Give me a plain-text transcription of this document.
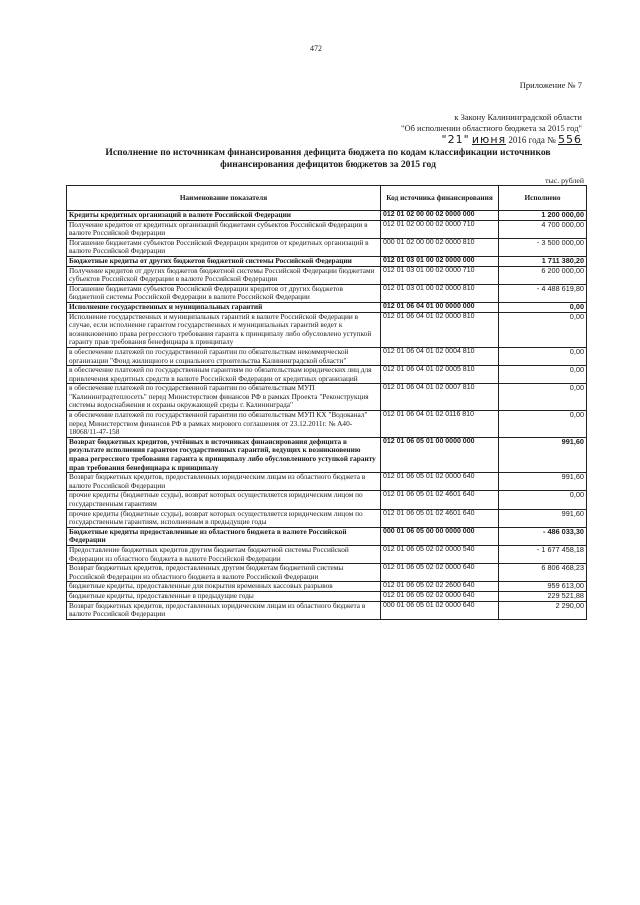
472
Приложение № 7
к Закону Калининградской области
"Об исполнении областного бюджета за 2015 год"
"21" июня 2016 года № 556
Исполнение по источникам финансирования дефицита бюджета по кодам классификации источников финансирования дефицитов бюджетов за 2015 год
тыс. рублей
Наименование показателя	Код источника финансирования	Исполнено
Кредиты кредитных организаций в валюте Российской Федерации	012 01 02 00 00 02 0000 000	1 200 000,00
Получение кредитов от кредитных организаций бюджетами субъектов Российской Федерации в валюте Российской Федерации	012 01 02 00 00 02 0000 710	4 700 000,00
Погашение бюджетами субъектов Российской Федерации кредитов от кредитных организаций в валюте Российской Федерации	000 01 02 00 00 02 0000 810	- 3 500 000,00
Бюджетные кредиты от других бюджетов бюджетной системы Российской Федерации	012 01 03 01 00 02 0000 000	1 711 380,20
Получение кредитов от других бюджетов бюджетной системы Российской Федерации бюджетами субъектов Российской Федерации в валюте Российской Федерации	012 01 03 01 00 02 0000 710	6 200 000,00
Погашение бюджетами субъектов Российской Федерации кредитов от других бюджетов бюджетной системы Российской Федерации в валюте Российской Федерации	012 01 03 01 00 02 0000 810	- 4 488 619,80
Исполнение государственных и муниципальных гарантий	012 01 06 04 01 00 0000 000	0,00
Исполнение государственных и муниципальных гарантий в валюте Российской Федерации в случае, если исполнение гарантом государственных и муниципальных гарантий ведет к возникновению права регрессного требования гаранта к принципалу либо обусловлено уступкой гаранту прав требования бенефициара к принципалу	012 01 06 04 01 02 0000 810	0,00
в обеспечение платежей по государственной гарантии по обязательствам некоммерческой организации "Фонд жилищного и социального строительства Калининградской области"	012 01 06 04 01 02 0004 810	0,00
в обеспечение платежей по государственным гарантиям по обязательствам юридических лиц для привлечения кредитных средств в валюте Российской Федерации от кредитных организаций	012 01 06 04 01 02 0005 810	0,00
в обеспечение платежей по государственной гарантии по обязательствам МУП "Калининградтеплосеть" перед Министерством финансов РФ в рамках Проекта "Реконструкция системы водоснабжения и охраны окружающей среды г. Калининграда"	012 01 06 04 01 02 0007 810	0,00
в обеспечение платежей по государственной гарантии по обязательствам МУП КХ "Водоканал" перед Министерством финансов РФ в рамках мирового соглашения от 23.12.2011г. № А40-18068/11-47-158	012 01 06 04 01 02 0116 810	0,00
Возврат бюджетных кредитов, учтённых в источниках финансирования дефицита в результате исполнения гарантом государственных гарантий, ведущих к возникновению права регрессного требования гаранта к принципалу либо обусловленного уступкой гаранту прав требования бенефициара к принципалу	012 01 06 05 01 00 0000 000	991,60
Возврат бюджетных кредитов, предоставленных юридическим лицам из областного бюджета в валюте Российской Федерации	012 01 06 05 01 02 0000 640	991,60
прочие кредиты (бюджетные ссуды), возврат которых осуществляется юридическим лицом по государственным гарантиям	012 01 06 05 01 02 4601 640	0,00
прочие кредиты (бюджетные ссуды), возврат которых осуществляется юридическим лицом по государственным гарантиям, исполненным в предыдущие годы	012 01 06 05 01 02 4601 640	991,60
Бюджетные кредиты предоставленные из областного бюджета в валюте Российской Федерации	000 01 06 05 00 00 0000 000	- 486 033,30
Предоставление бюджетных кредитов другим бюджетам бюджетной системы Российской Федерации из областного бюджета в валюте Российской Федерации	012 01 06 05 02 02 0000 540	- 1 677 458,18
Возврат бюджетных кредитов, предоставленных другим бюджетам бюджетной системы Российской Федерации из областного бюджета в валюте Российской Федерации	012 01 06 05 02 02 0000 640	6 806 468,23
бюджетные кредиты, предоставленные для покрытия временных кассовых разрывов	012 01 06 05 02 02 2600 640	959 613,00
бюджетные кредиты, предоставленные в предыдущие годы	012 01 06 05 02 02 0000 640	229 521,88
Возврат бюджетных кредитов, предоставленных юридическим лицам из областного бюджета в валюте Российской Федерации	000 01 06 05 01 02 0000 640	2 290,00
